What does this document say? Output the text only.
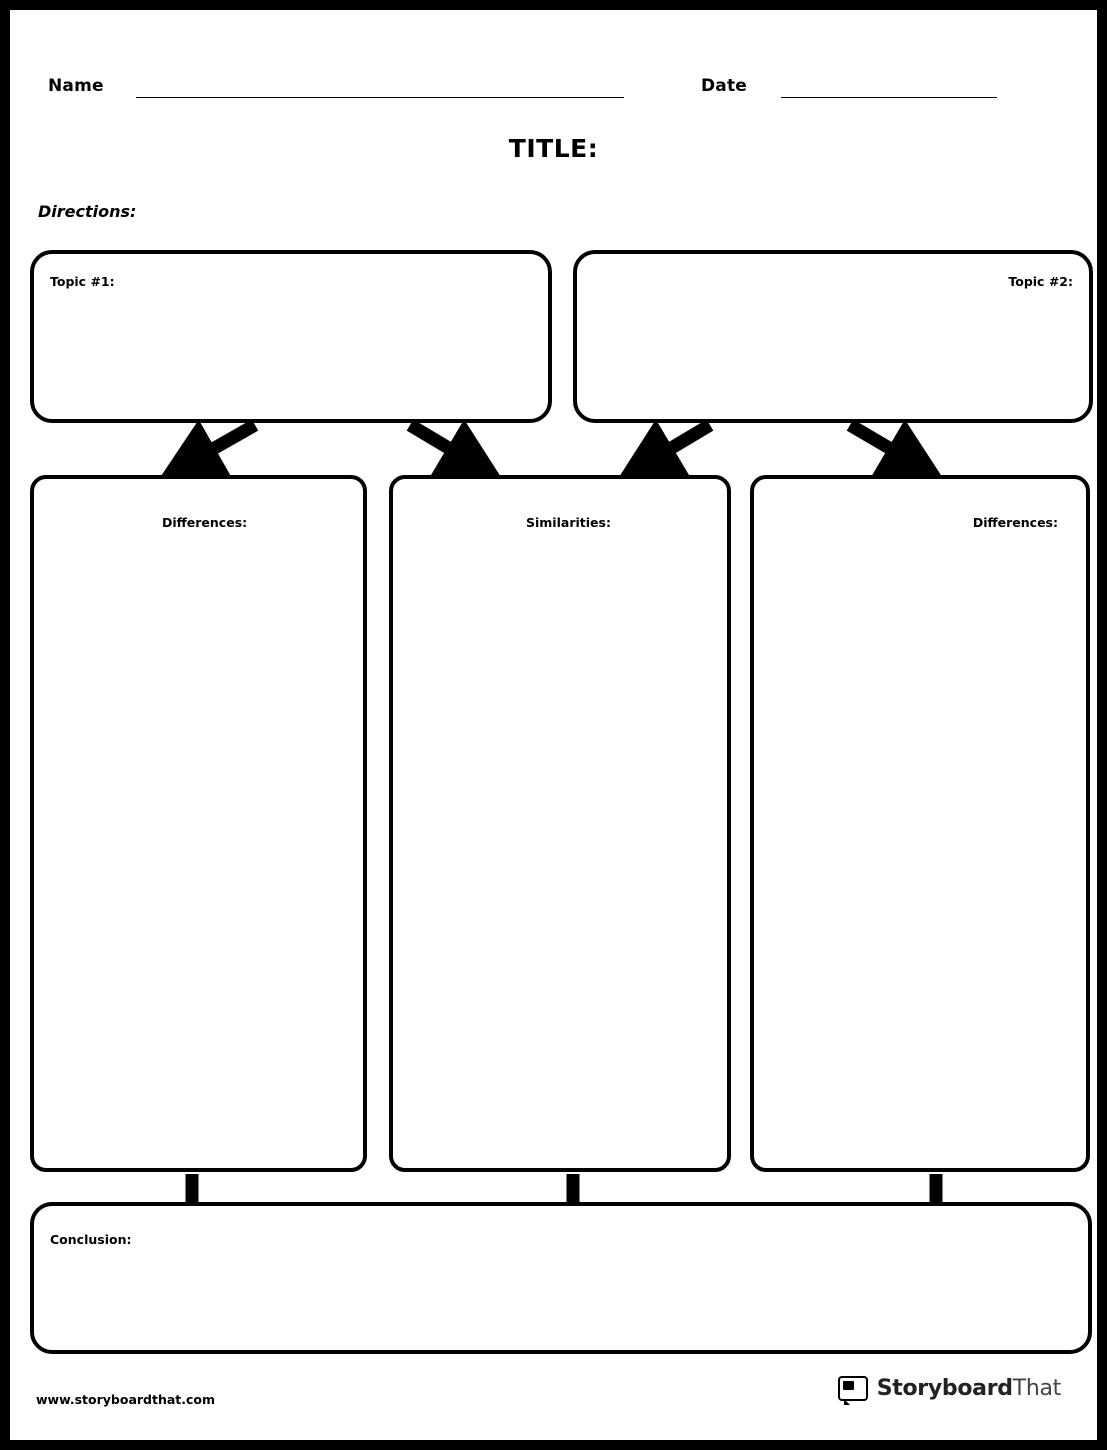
Name	Date
TITLE:
Directions:
Topic #1:	Topic #2:
Differences:	Similarities:	Differences:
Conclusion:
www.storyboardthat.com	StoryboardThat
